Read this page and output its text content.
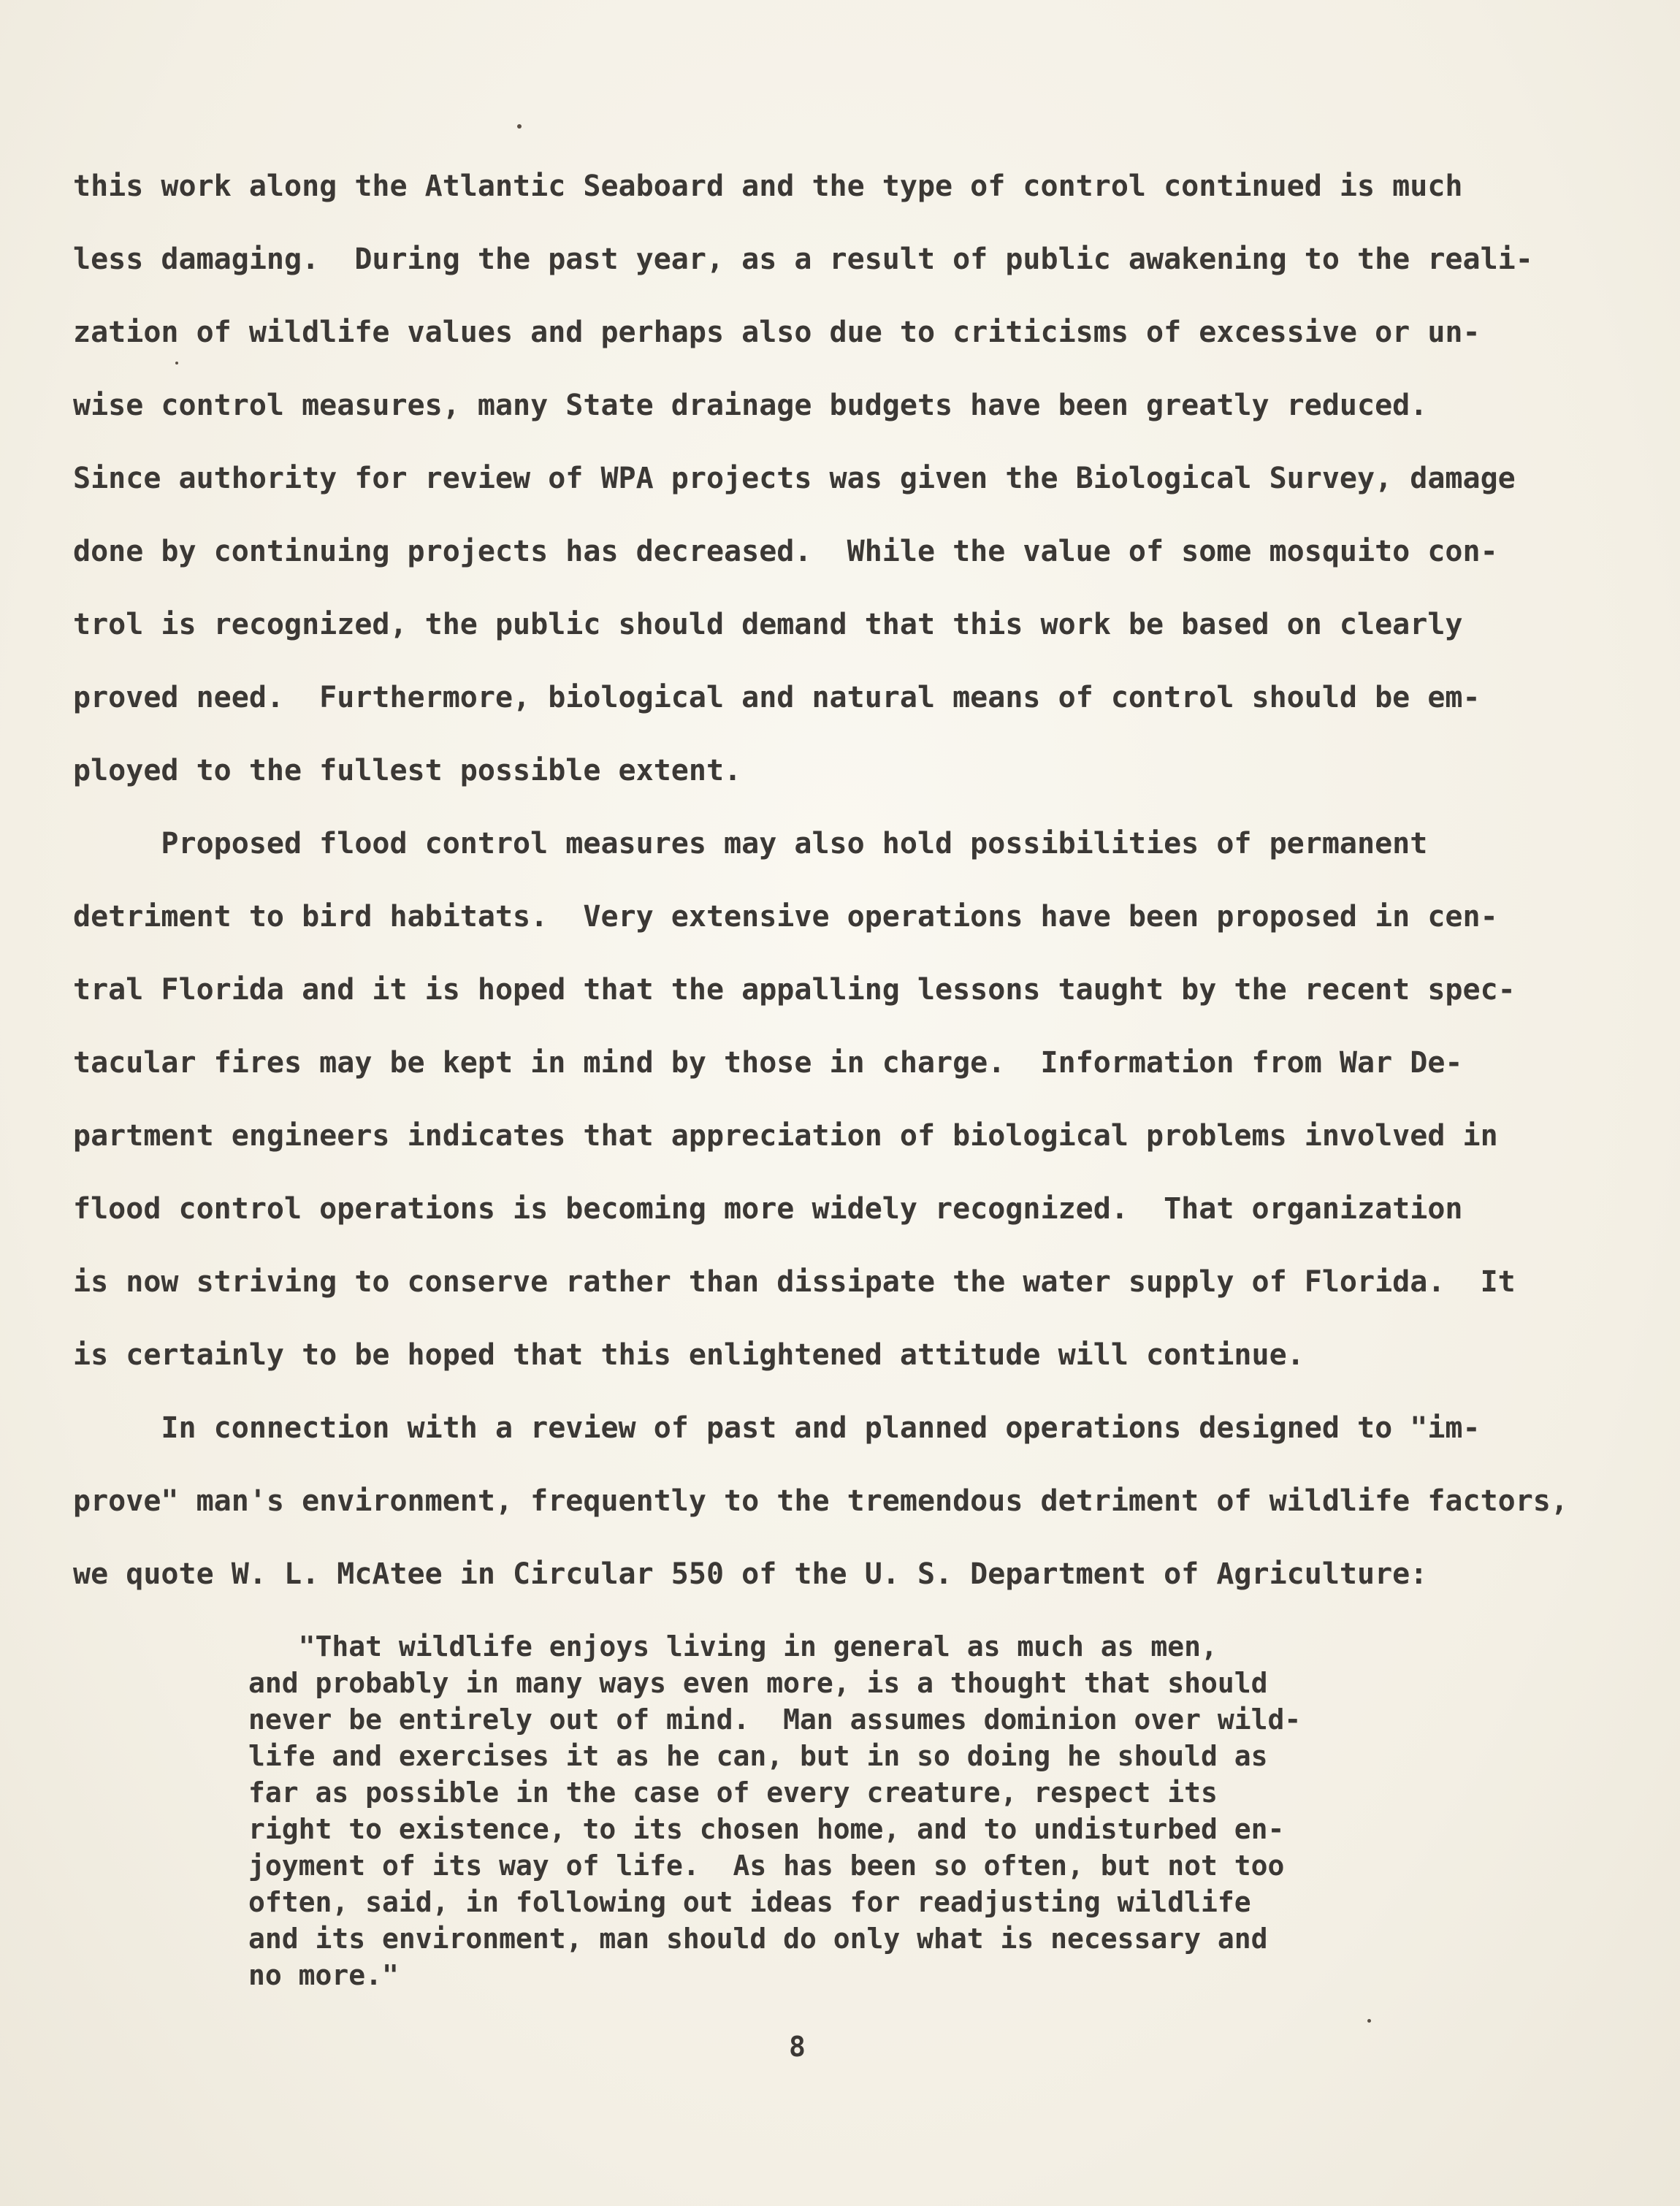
this work along the Atlantic Seaboard and the type of control continued is much
less damaging.  During the past year, as a result of public awakening to the reali-
zation of wildlife values and perhaps also due to criticisms of excessive or un-
wise control measures, many State drainage budgets have been greatly reduced.
Since authority for review of WPA projects was given the Biological Survey, damage
done by continuing projects has decreased.  While the value of some mosquito con-
trol is recognized, the public should demand that this work be based on clearly
proved need.  Furthermore, biological and natural means of control should be em-
ployed to the fullest possible extent.
Proposed flood control measures may also hold possibilities of permanent
detriment to bird habitats.  Very extensive operations have been proposed in cen-
tral Florida and it is hoped that the appalling lessons taught by the recent spec-
tacular fires may be kept in mind by those in charge.  Information from War De-
partment engineers indicates that appreciation of biological problems involved in
flood control operations is becoming more widely recognized.  That organization
is now striving to conserve rather than dissipate the water supply of Florida.  It
is certainly to be hoped that this enlightened attitude will continue.
In connection with a review of past and planned operations designed to "im-
prove" man's environment, frequently to the tremendous detriment of wildlife factors,
we quote W. L. McAtee in Circular 550 of the U. S. Department of Agriculture:
"That wildlife enjoys living in general as much as men,
and probably in many ways even more, is a thought that should
never be entirely out of mind.  Man assumes dominion over wild-
life and exercises it as he can, but in so doing he should as
far as possible in the case of every creature, respect its
right to existence, to its chosen home, and to undisturbed en-
joyment of its way of life.  As has been so often, but not too
often, said, in following out ideas for readjusting wildlife
and its environment, man should do only what is necessary and
no more."
8
